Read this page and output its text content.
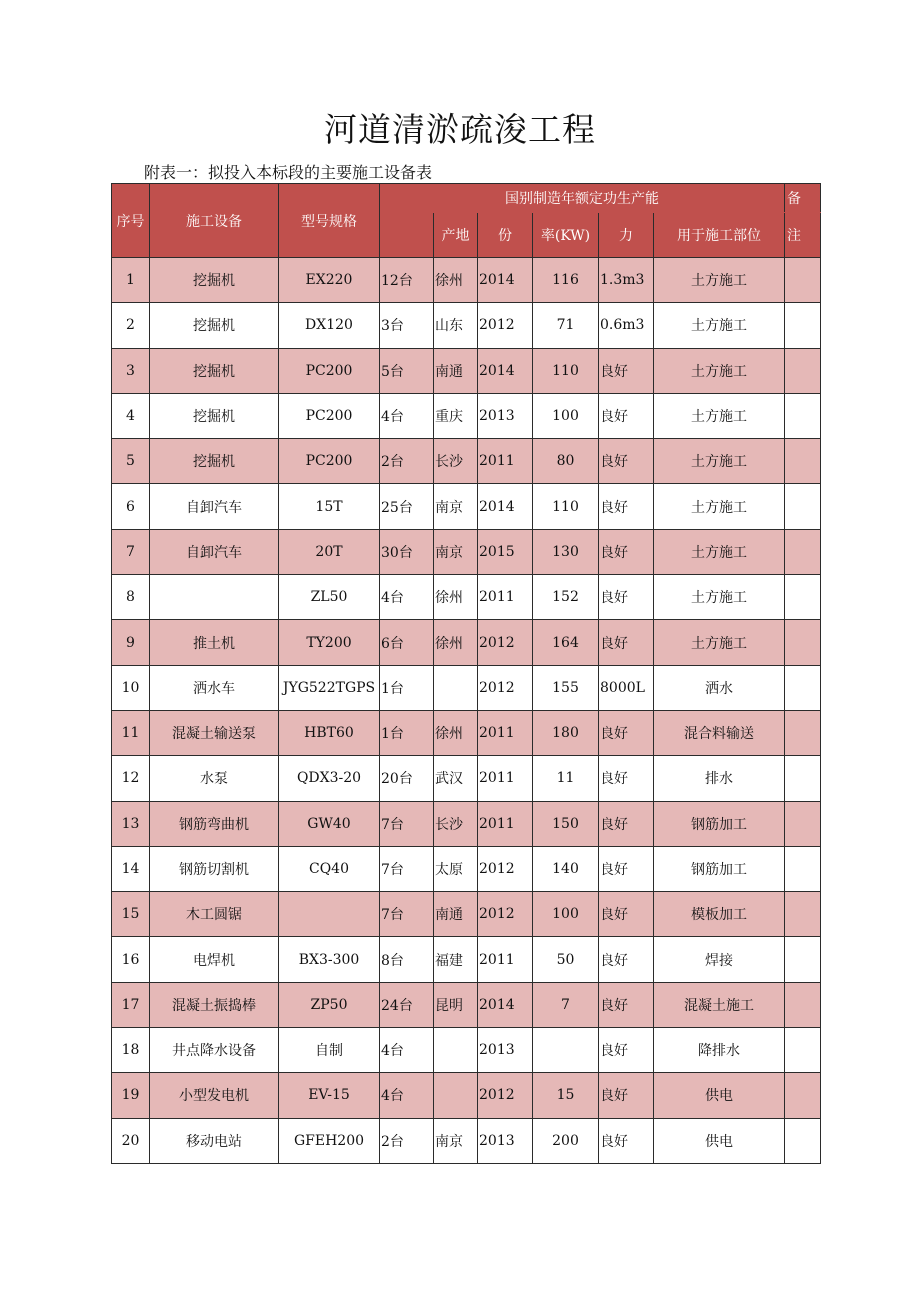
河道清淤疏浚工程
附表一：拟投入本标段的主要施工设备表
序号	施工设备	型号规格	国别制造年额定功生产能						备
				产地	份	率(KW)	力	用于施工部位	注
1	挖掘机	EX220	12台	徐州	2014	116	1.3m3	土方施工	
2	挖掘机	DX120	3台	山东	2012	71	0.6m3	土方施工	
3	挖掘机	PC200	5台	南通	2014	110	良好	土方施工	
4	挖掘机	PC200	4台	重庆	2013	100	良好	土方施工	
5	挖掘机	PC200	2台	长沙	2011	80	良好	土方施工	
6	自卸汽车	15T	25台	南京	2014	110	良好	土方施工	
7	自卸汽车	20T	30台	南京	2015	130	良好	土方施工	
8		ZL50	4台	徐州	2011	152	良好	土方施工	
9	推土机	TY200	6台	徐州	2012	164	良好	土方施工	
10	洒水车	JYG522TGPS	1台		2012	155	8000L	洒水	
11	混凝土输送泵	HBT60	1台	徐州	2011	180	良好	混合料输送	
12	水泵	QDX3-20	20台	武汉	2011	11	良好	排水	
13	钢筋弯曲机	GW40	7台	长沙	2011	150	良好	钢筋加工	
14	钢筋切割机	CQ40	7台	太原	2012	140	良好	钢筋加工	
15	木工圆锯		7台	南通	2012	100	良好	模板加工	
16	电焊机	BX3-300	8台	福建	2011	50	良好	焊接	
17	混凝土振捣棒	ZP50	24台	昆明	2014	7	良好	混凝土施工	
18	井点降水设备	自制	4台		2013		良好	降排水	
19	小型发电机	EV-15	4台		2012	15	良好	供电	
20	移动电站	GFEH200	2台	南京	2013	200	良好	供电	
